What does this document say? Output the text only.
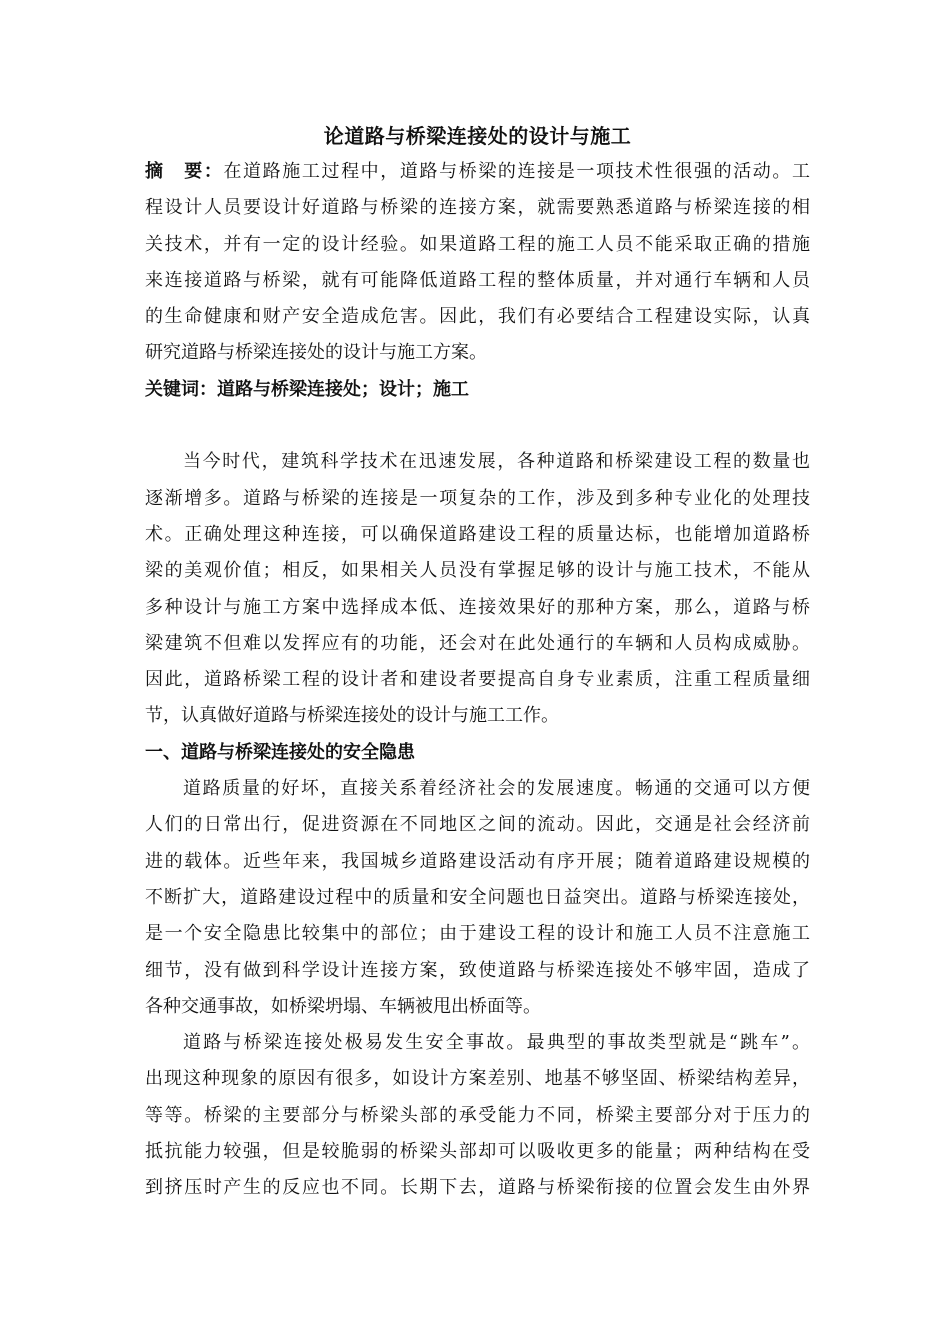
论道路与桥梁连接处的设计与施工

摘　要：在道路施工过程中，道路与桥梁的连接是一项技术性很强的活动。工

程设计人员要设计好道路与桥梁的连接方案，就需要熟悉道路与桥梁连接的相

关技术，并有一定的设计经验。如果道路工程的施工人员不能采取正确的措施

来连接道路与桥梁，就有可能降低道路工程的整体质量，并对通行车辆和人员

的生命健康和财产安全造成危害。因此，我们有必要结合工程建设实际，认真

研究道路与桥梁连接处的设计与施工方案。

关键词：道路与桥梁连接处；设计；施工

当今时代，建筑科学技术在迅速发展，各种道路和桥梁建设工程的数量也

逐渐增多。道路与桥梁的连接是一项复杂的工作，涉及到多种专业化的处理技

术。正确处理这种连接，可以确保道路建设工程的质量达标，也能增加道路桥

梁的美观价值；相反，如果相关人员没有掌握足够的设计与施工技术，不能从

多种设计与施工方案中选择成本低、连接效果好的那种方案，那么，道路与桥

梁建筑不但难以发挥应有的功能，还会对在此处通行的车辆和人员构成威胁。

因此，道路桥梁工程的设计者和建设者要提高自身专业素质，注重工程质量细

节，认真做好道路与桥梁连接处的设计与施工工作。

一、道路与桥梁连接处的安全隐患

道路质量的好坏，直接关系着经济社会的发展速度。畅通的交通可以方便

人们的日常出行，促进资源在不同地区之间的流动。因此，交通是社会经济前

进的载体。近些年来，我国城乡道路建设活动有序开展；随着道路建设规模的

不断扩大，道路建设过程中的质量和安全问题也日益突出。道路与桥梁连接处，

是一个安全隐患比较集中的部位；由于建设工程的设计和施工人员不注意施工

细节，没有做到科学设计连接方案，致使道路与桥梁连接处不够牢固，造成了

各种交通事故，如桥梁坍塌、车辆被甩出桥面等。

道路与桥梁连接处极易发生安全事故。最典型的事故类型就是“跳车”。

出现这种现象的原因有很多，如设计方案差别、地基不够坚固、桥梁结构差异，

等等。桥梁的主要部分与桥梁头部的承受能力不同，桥梁主要部分对于压力的

抵抗能力较强，但是较脆弱的桥梁头部却可以吸收更多的能量；两种结构在受

到挤压时产生的反应也不同。长期下去，道路与桥梁衔接的位置会发生由外界
